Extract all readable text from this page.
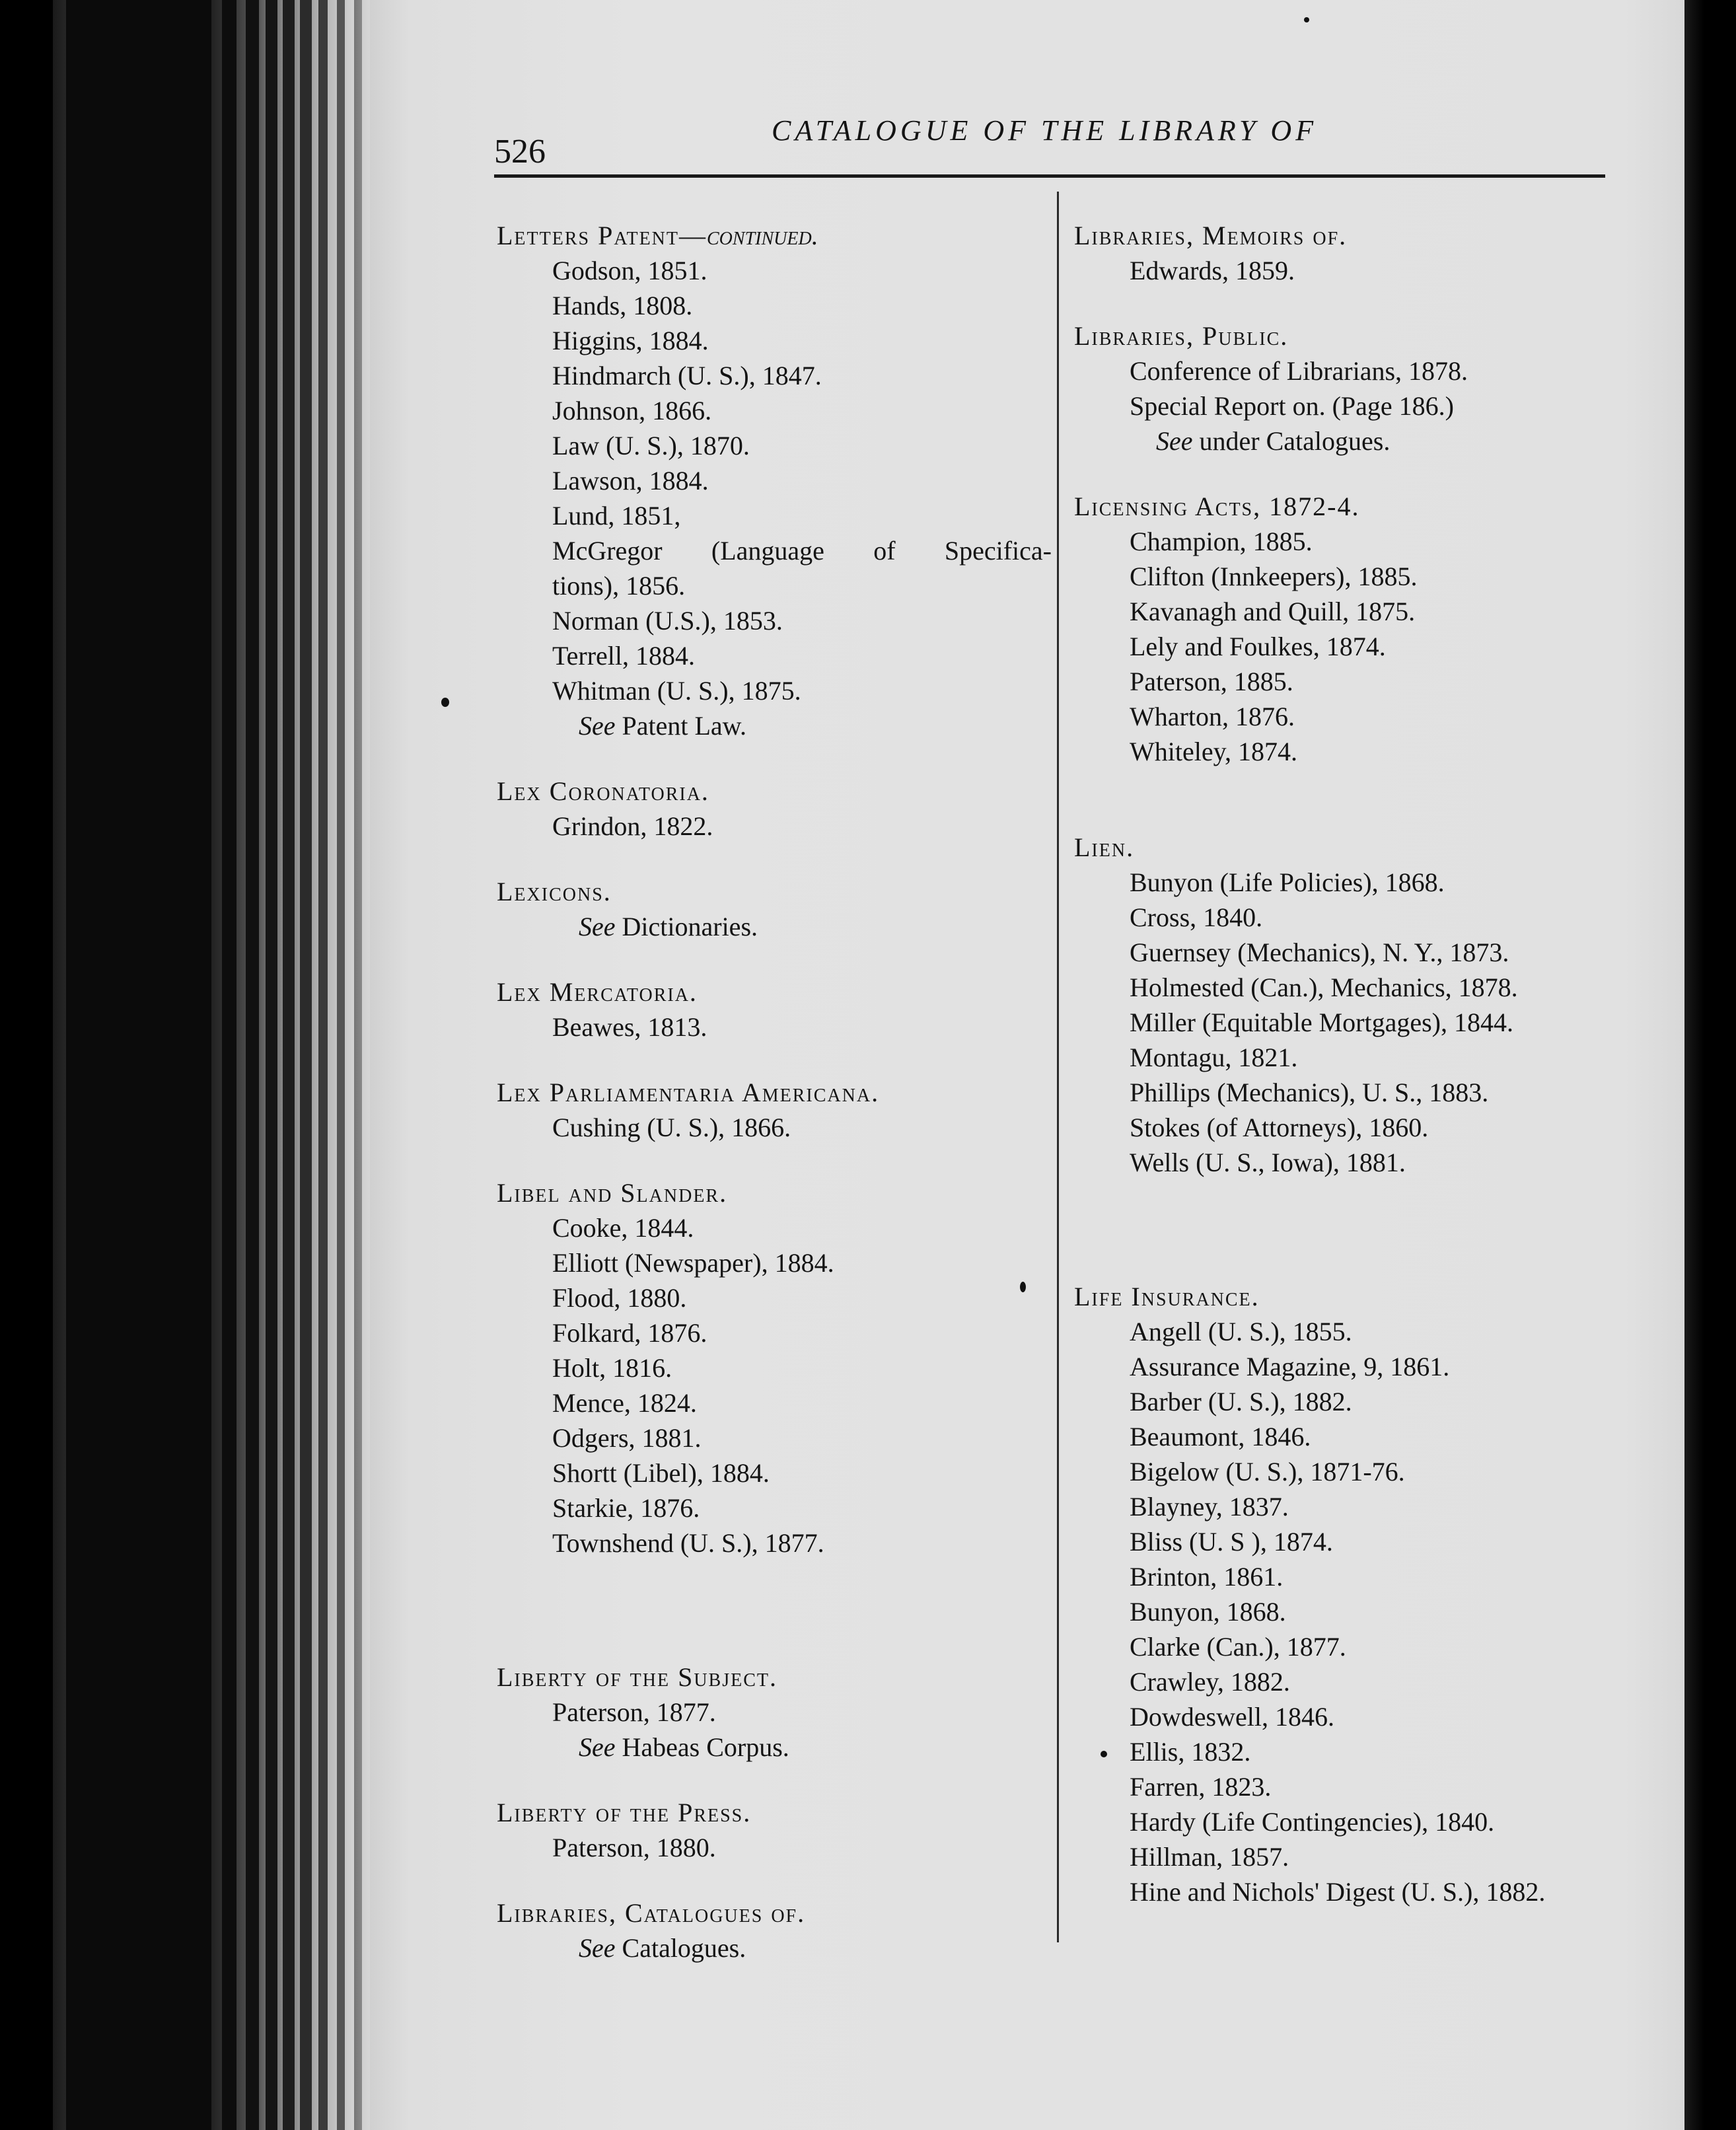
526
CATALOGUE OF THE LIBRARY OF
Letters Patent—continued.
Godson, 1851.
Hands, 1808.
Higgins, 1884.
Hindmarch (U. S.), 1847.
Johnson, 1866.
Law (U. S.), 1870.
Lawson, 1884.
Lund, 1851,
McGregor (Language of Specifica-
tions), 1856.
Norman (U.S.), 1853.
Terrell, 1884.
Whitman (U. S.), 1875.
See Patent Law.
Lex Coronatoria.
Grindon, 1822.
Lexicons.
See Dictionaries.
Lex Mercatoria.
Beawes, 1813.
Lex Parliamentaria Americana.
Cushing (U. S.), 1866.
Libel and Slander.
Cooke, 1844.
Elliott (Newspaper), 1884.
Flood, 1880.
Folkard, 1876.
Holt, 1816.
Mence, 1824.
Odgers, 1881.
Shortt (Libel), 1884.
Starkie, 1876.
Townshend (U. S.), 1877.
Liberty of the Subject.
Paterson, 1877.
See Habeas Corpus.
Liberty of the Press.
Paterson, 1880.
Libraries, Catalogues of.
See Catalogues.
Libraries, Memoirs of.
Edwards, 1859.
Libraries, Public.
Conference of Librarians, 1878.
Special Report on. (Page 186.)
See under Catalogues.
Licensing Acts, 1872-4.
Champion, 1885.
Clifton (Innkeepers), 1885.
Kavanagh and Quill, 1875.
Lely and Foulkes, 1874.
Paterson, 1885.
Wharton, 1876.
Whiteley, 1874.
Lien.
Bunyon (Life Policies), 1868.
Cross, 1840.
Guernsey (Mechanics), N. Y., 1873.
Holmested (Can.), Mechanics, 1878.
Miller (Equitable Mortgages), 1844.
Montagu, 1821.
Phillips (Mechanics), U. S., 1883.
Stokes (of Attorneys), 1860.
Wells (U. S., Iowa), 1881.
Life Insurance.
Angell (U. S.), 1855.
Assurance Magazine, 9, 1861.
Barber (U. S.), 1882.
Beaumont, 1846.
Bigelow (U. S.), 1871-76.
Blayney, 1837.
Bliss (U. S ), 1874.
Brinton, 1861.
Bunyon, 1868.
Clarke (Can.), 1877.
Crawley, 1882.
Dowdeswell, 1846.
Ellis, 1832.
Farren, 1823.
Hardy (Life Contingencies), 1840.
Hillman, 1857.
Hine and Nichols' Digest (U. S.), 1882.
